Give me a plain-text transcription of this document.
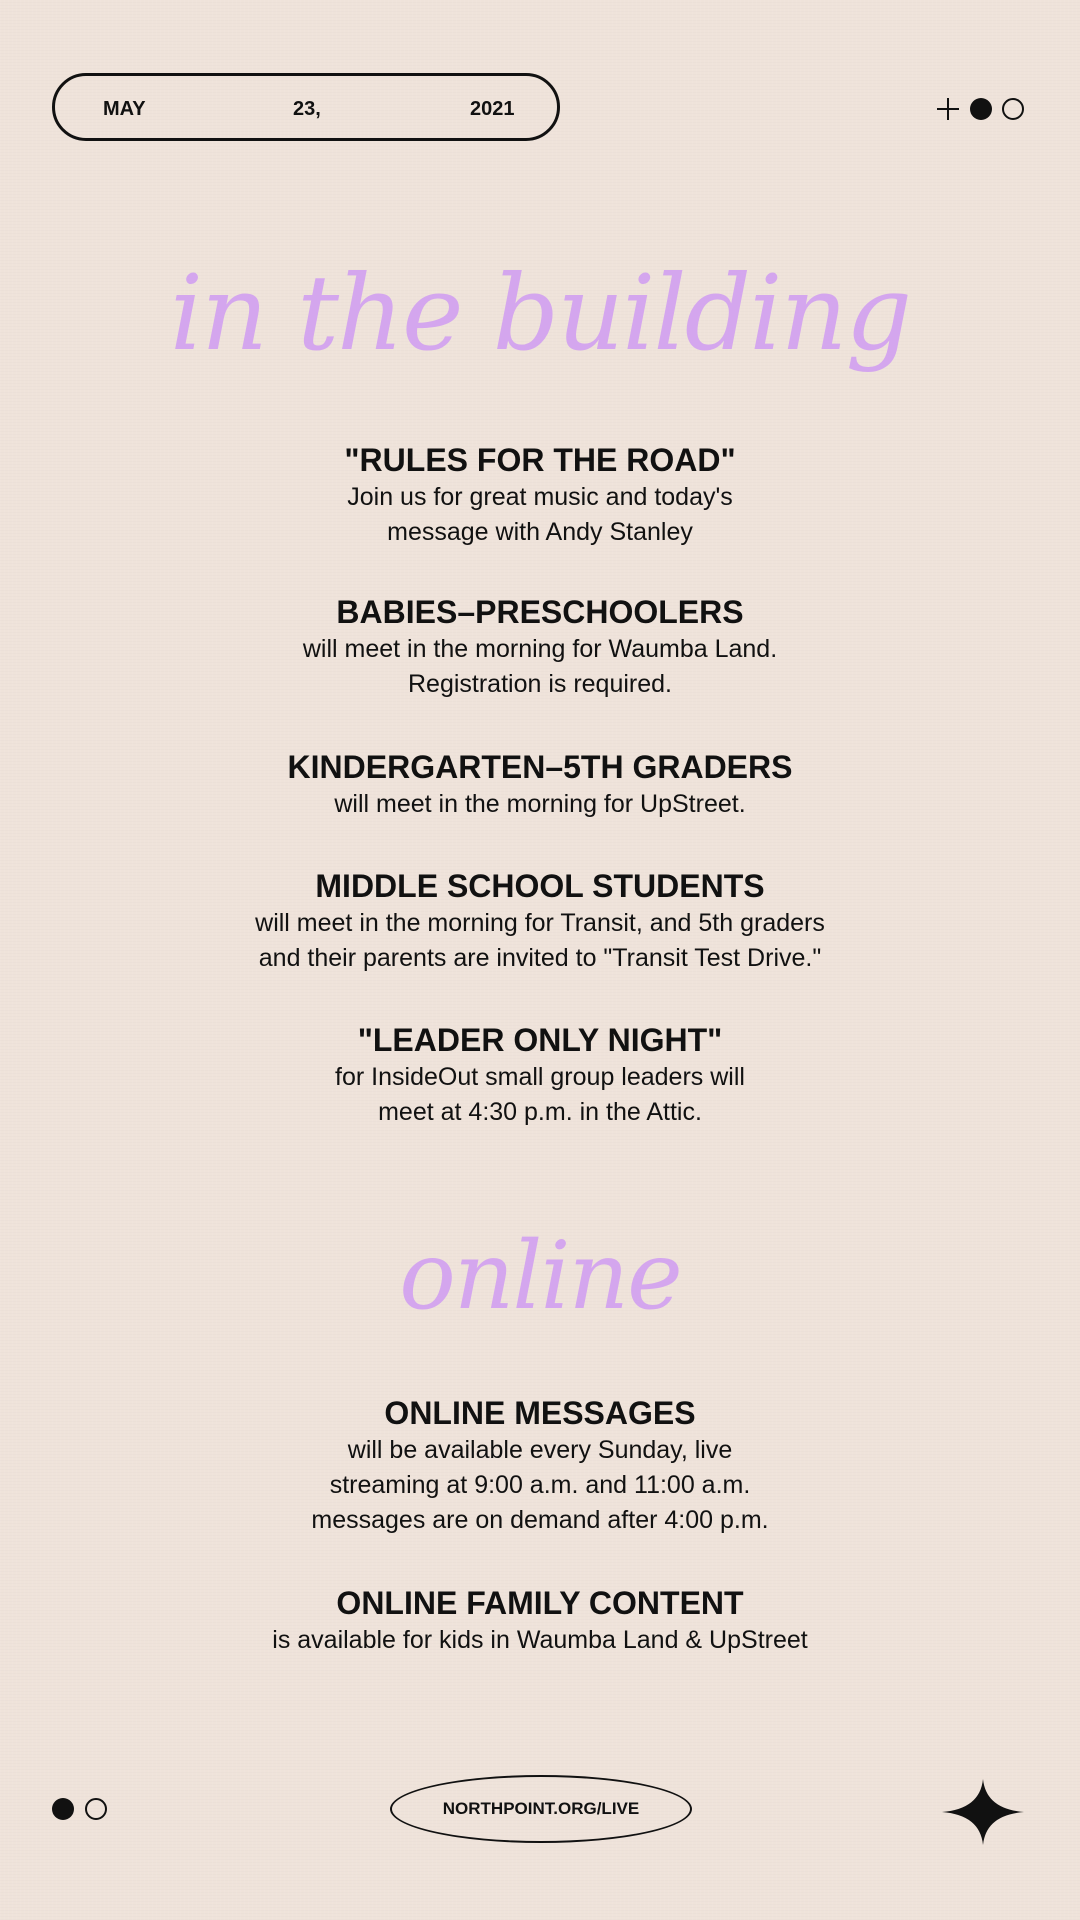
MAY	23,	2021
in the building
"RULES FOR THE ROAD"
Join us for great music and today's
message with Andy Stanley
BABIES–PRESCHOOLERS
will meet in the morning for Waumba Land.
Registration is required.
KINDERGARTEN–5TH GRADERS
will meet in the morning for UpStreet.
MIDDLE SCHOOL STUDENTS
will meet in the morning for Transit, and 5th graders
and their parents are invited to "Transit Test Drive."
"LEADER ONLY NIGHT"
for InsideOut small group leaders will
meet at 4:30 p.m. in the Attic.
online
ONLINE MESSAGES
will be available every Sunday, live
streaming at 9:00 a.m. and 11:00 a.m.
messages are on demand after 4:00 p.m.
ONLINE FAMILY CONTENT
is available for kids in Waumba Land & UpStreet
NORTHPOINT.ORG/LIVE
